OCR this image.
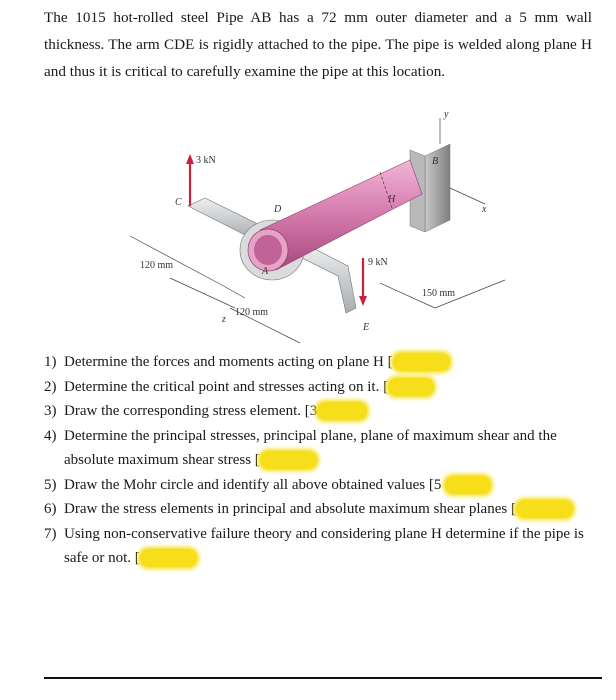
The 1015 hot-rolled steel Pipe AB has a 72 mm outer diameter and a 5 mm wall thickness. The arm CDE is rigidly attached to the pipe. The pipe is welded along plane H and thus it is critical to carefully examine the pipe at this location.

3 kN
9 kN
120 mm
120 mm
150 mm
A
B
C
D
E
H
x
y
z
1) Determine the forces and moments acting on plane H [ 6 points]
2) Determine the critical point and stresses acting on it. [ points]
3) Draw the corresponding stress element. [3 points]
4) Determine the principal stresses, principal plane, plane of maximum shear and the absolute maximum shear stress [ 7 points]
5) Draw the Mohr circle and identify all above obtained values [5 points]
6) Draw the stress elements in principal and absolute maximum shear planes [ 5 points]
7) Using non-conservative failure theory and considering plane H determine if the pipe is safe or not. [ 5 points]
